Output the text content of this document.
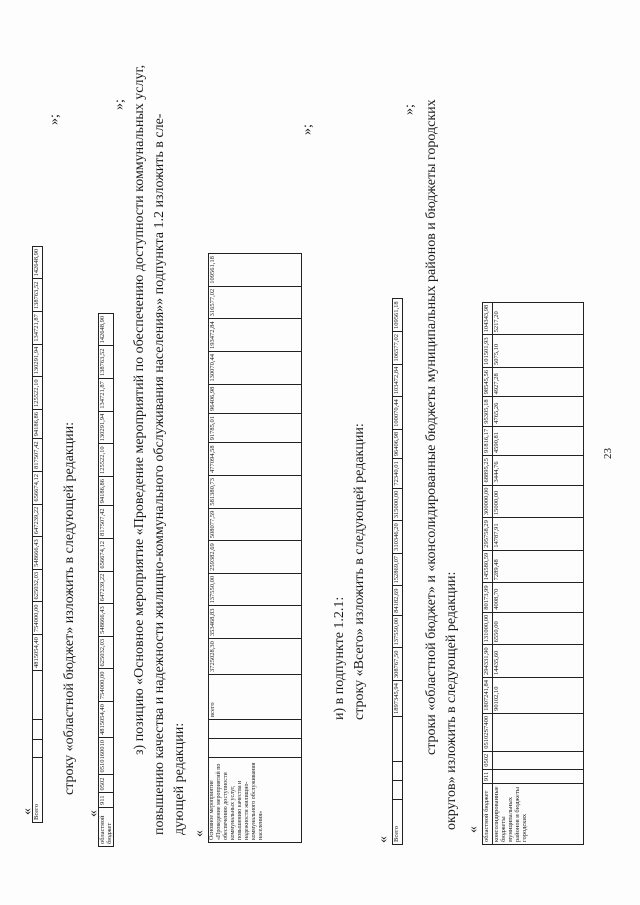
23
«
Всего				4815054,40	754000,00	625032,03	548666,43	647239,22	656674,12	817507,42	94186,86	125522,10	130291,94	134721,87	138763,52	142648,90
»;
строку «областной бюджет» изложить в следующей редакции:
«
областной бюджет	911	0502	0510160010	4815054,40	754000,00	625032,03	548666,43	647239,22	656674,12	817507,42	94186,86	125522,10	130291,94	134721,87	138763,52	142648,90
»; з) позицию «Основное мероприятие «Проведение мероприятий по обеспечению доступности коммунальных услуг, повышению качества и надежности жилищно-коммунального обслуживания населения»» подпункта 1.2 изложить в сле- дующей редакции: « Основное мероприятие «Проведение мероприятий по обеспечению доступности коммунальных услуг, повышению качества и надежности жилищно-коммунального обслуживания населения»			всего	3725028,30	353468,83	137550,00	259382,69	508077,59	581380,73	477094,58	91785,01	96406,98	130070,44	193472,84	316577,02	109561,18
»;
и) в подпункте 1.2.1: строку «Всего» изложить в следующей редакции:
« Всего				1897345,94	308767,50	137550,00	84182,69	152869,07	310346,20	315000,00	72340,01	96406,98	100070,44	103472,84	106577,02	109561,18
»; строки «областной бюджет» и «консолидированные бюджеты муниципальных районов и бюджеты городских округов» изложить в следующей редакции: « областной бюджет	911	0502	05102S7400	1807241,84	294331,90	131000,00	80173,99	145580,59	295758,29	300000,00	68895,25	91816,17	95305,18	98545,56	101501,93	104343,98
консолидированные бюджеты муниципальных районов и бюджеты городских				90102,10	14435,60	6550,00	4008,70	7289,48	14787,91	15000,00	3444,76	4590,81	4765,26	4927,28	5075,10	5217,20
